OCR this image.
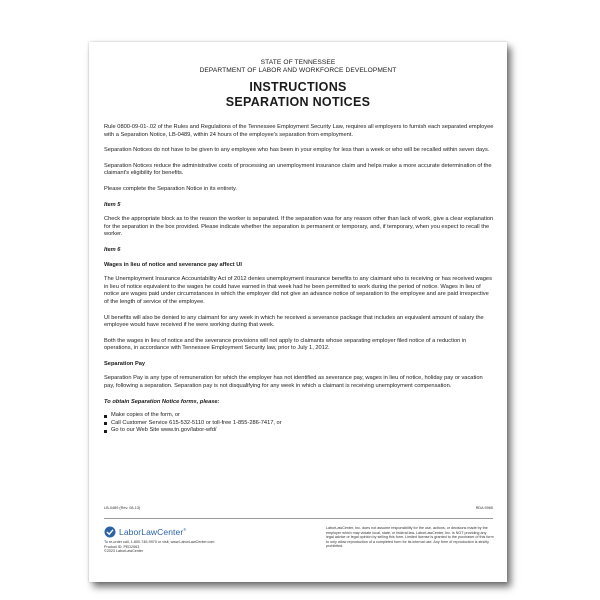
STATE OF TENNESSEE
DEPARTMENT OF LABOR AND WORKFORCE DEVELOPMENT
INSTRUCTIONS
SEPARATION NOTICES

Rule 0800-09-01-.02 of the Rules and Regulations of the Tennessee Employment Security Law, requires all employers to furnish each separated employee with a Separation Notice, LB-0489, within 24 hours of the employee's separation from employment.

Separation Notices do not have to be given to any employee who has been in your employ for less than a week or who will be recalled within seven days.

Separation Notices reduce the administrative costs of processing an unemployment insurance claim and helps make a more accurate determination of the claimant's eligibility for benefits.

Please complete the Separation Notice in its entirety.

Item 5

Check the appropriate block as to the reason the worker is separated. If the separation was for any reason other than lack of work, give a clear explanation for the separation in the box provided. Please indicate whether the separation is permanent or temporary, and, if temporary, when you expect to recall the worker.

Item 6

Wages in lieu of notice and severance pay affect UI

The Unemployment Insurance Accountability Act of 2012 denies unemployment insurance benefits to any claimant who is receiving or has received wages in lieu of notice equivalent to the wages he could have earned in that week had he been permitted to work during the period of notice. Wages in lieu of notice are wages paid under circumstances in which the employer did not give an advance notice of separation to the employee and are paid irrespective of the length of service of the employee.

UI benefits will also be denied to any claimant for any week in which he received a severance package that includes an equivalent amount of salary the employee would have received if he were working during that week.

Both the wages in lieu of notice and the severance provisions will not apply to claimants whose separating employer filed notice of a reduction in operations, in accordance with Tennessee Employment Security law, prior to July 1, 2012.

Separation Pay

Separation Pay is any type of remuneration for which the employer has not identified as severance pay, wages in lieu of notice, holiday pay or vacation pay, following a separation. Separation pay is not disqualifying for any week in which a claimant is receiving unemployment compensation.

To obtain Separation Notice forms, please:

Make copies of the form, or
Call Customer Service 615-532-5110 or toll-free 1-855-286-7417, or
Go to our Web Site www.tn.gov/labor-wfd/
LB-0489 (Rev. 08-13)	RDA 5965
LaborLawCenter®
To re-order call, 1-800-745-9970 or visit, www.LaborLawCenter.com
Product ID: PED2063
©2023 LaborLawCenter
LaborLawCenter, Inc. does not assume responsibility for the use, actions, or decisions made by the employer which may violate local, state, or federal law. LaborLawCenter, Inc. is NOT providing any legal advice or legal opinion by selling this form. Limited license is granted to the purchaser of this form to only allow reproduction of a completed form for its internal use. Any form of reproduction is strictly prohibited.
